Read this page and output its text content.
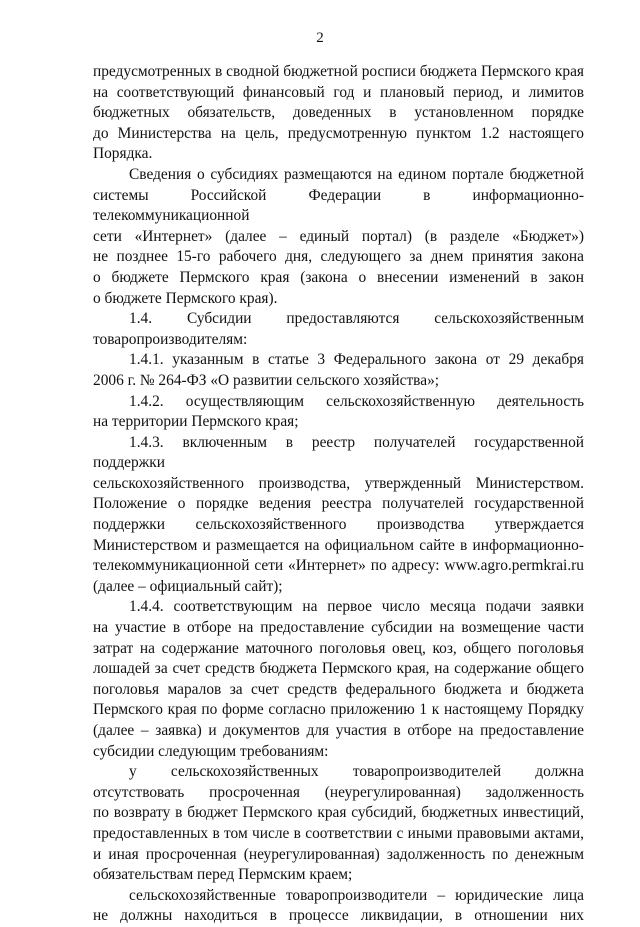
2

предусмотренных в сводной бюджетной росписи бюджета Пермского края

на соответствующий финансовый год и плановый период, и лимитов

бюджетных обязательств, доведенных в установленном порядке

до Министерства на цель, предусмотренную пунктом 1.2 настоящего

Порядка.

Сведения о субсидиях размещаются на едином портале бюджетной

системы Российской Федерации в информационно-телекоммуникационной

сети «Интернет» (далее – единый портал) (в разделе «Бюджет»)

не позднее 15-го рабочего дня, следующего за днем принятия закона

о бюджете Пермского края (закона о внесении изменений в закон

о бюджете Пермского края).

1.4. Субсидии предоставляются сельскохозяйственным

товаропроизводителям:

1.4.1. указанным в статье 3 Федерального закона от 29 декабря

2006 г. № 264-ФЗ «О развитии сельского хозяйства»;

1.4.2. осуществляющим сельскохозяйственную деятельность

на территории Пермского края;

1.4.3. включенным в реестр получателей государственной поддержки

сельскохозяйственного производства, утвержденный Министерством.

Положение о порядке ведения реестра получателей государственной

поддержки сельскохозяйственного производства утверждается

Министерством и размещается на официальном сайте в информационно-

телекоммуникационной сети «Интернет» по адресу: www.agro.permkrai.ru

(далее – официальный сайт);

1.4.4. соответствующим на первое число месяца подачи заявки

на участие в отборе на предоставление субсидии на возмещение части

затрат на содержание маточного поголовья овец, коз, общего поголовья

лошадей за счет средств бюджета Пермского края, на содержание общего

поголовья маралов за счет средств федерального бюджета и бюджета

Пермского края по форме согласно приложению 1 к настоящему Порядку

(далее – заявка) и документов для участия в отборе на предоставление

субсидии следующим требованиям:

у сельскохозяйственных товаропроизводителей должна

отсутствовать просроченная (неурегулированная) задолженность

по возврату в бюджет Пермского края субсидий, бюджетных инвестиций,

предоставленных в том числе в соответствии с иными правовыми актами,

и иная просроченная (неурегулированная) задолженность по денежным

обязательствам перед Пермским краем;

сельскохозяйственные товаропроизводители – юридические лица

не должны находиться в процессе ликвидации, в отношении них
